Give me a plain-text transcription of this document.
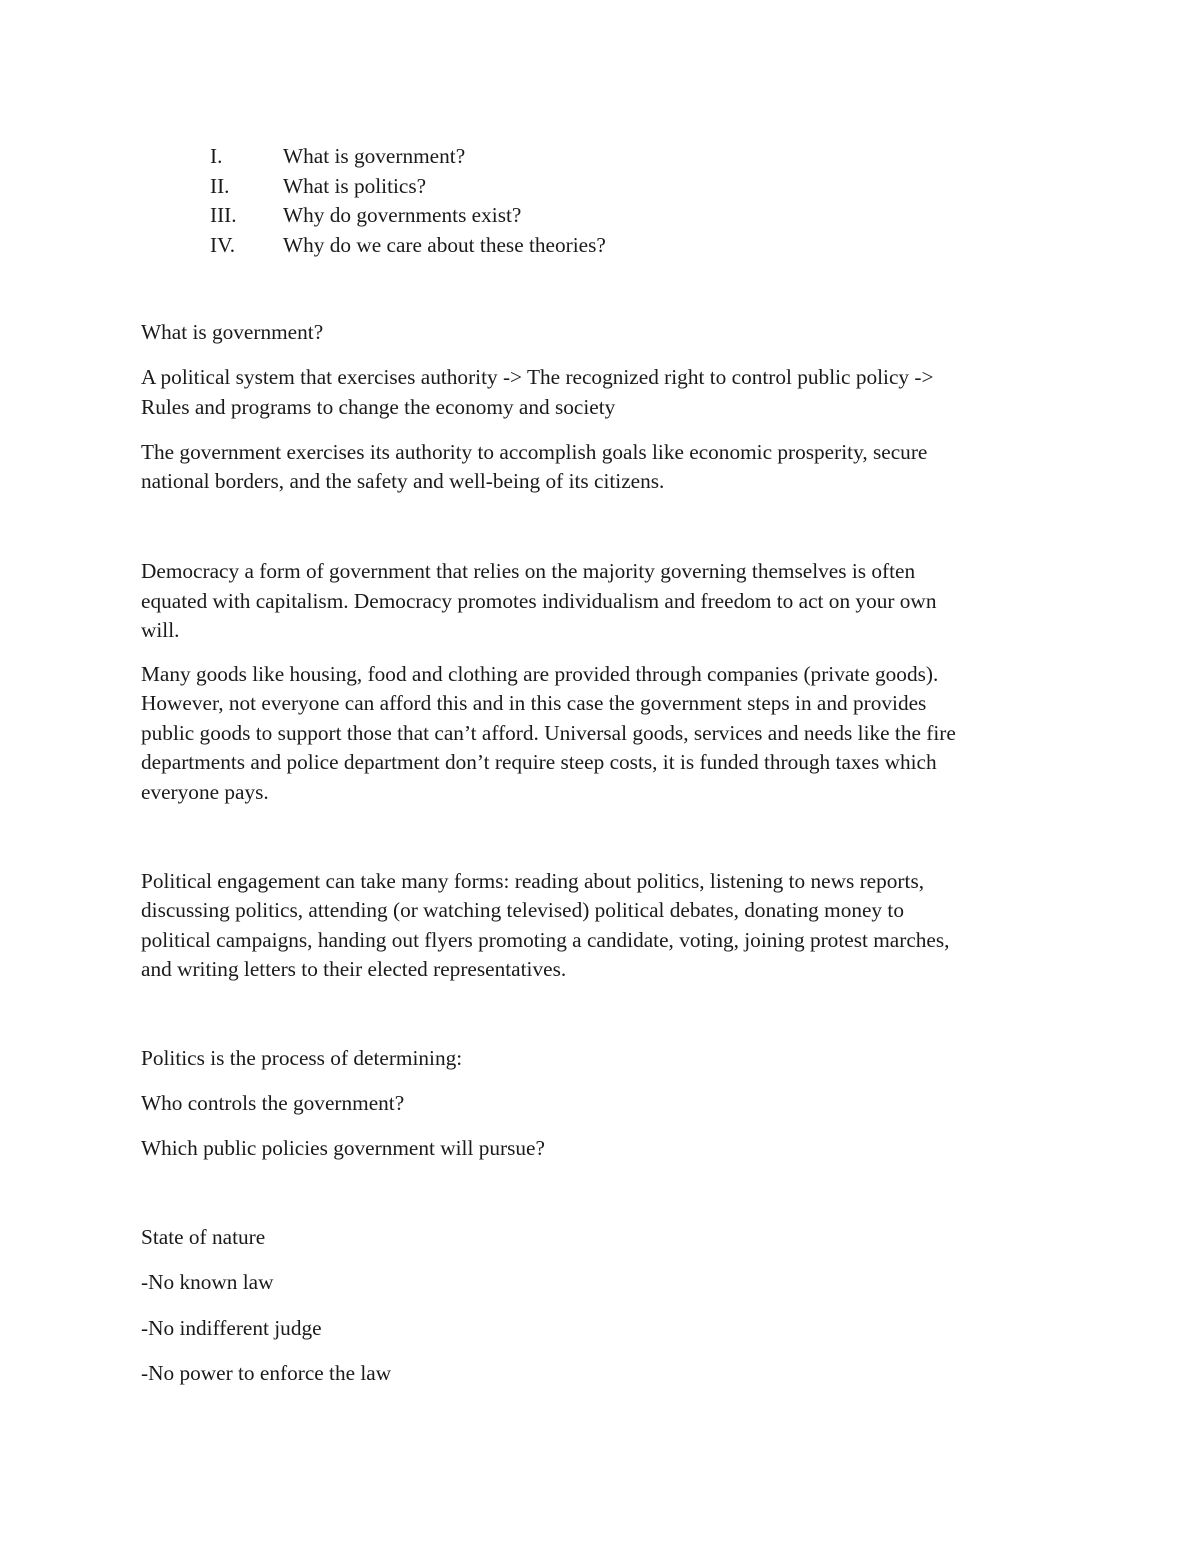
I.	What is government?
II.	What is politics?
III.	Why do governments exist?
IV.	Why do we care about these theories?

What is government?

A political system that exercises authority -> The recognized right to control public policy ->

Rules and programs to change the economy and society

The government exercises its authority to accomplish goals like economic prosperity, secure

national borders, and the safety and well-being of its citizens.

Democracy a form of government that relies on the majority governing themselves is often

equated with capitalism. Democracy promotes individualism and freedom to act on your own

will.

Many goods like housing, food and clothing are provided through companies (private goods).

However, not everyone can afford this and in this case the government steps in and provides

public goods to support those that can’t afford. Universal goods, services and needs like the fire

departments and police department don’t require steep costs, it is funded through taxes which

everyone pays.

Political engagement can take many forms: reading about politics, listening to news reports,

discussing politics, attending (or watching televised) political debates, donating money to

political campaigns, handing out flyers promoting a candidate, voting, joining protest marches,

and writing letters to their elected representatives.

Politics is the process of determining:

Who controls the government?

Which public policies government will pursue?

State of nature

-No known law

-No indifferent judge

-No power to enforce the law
